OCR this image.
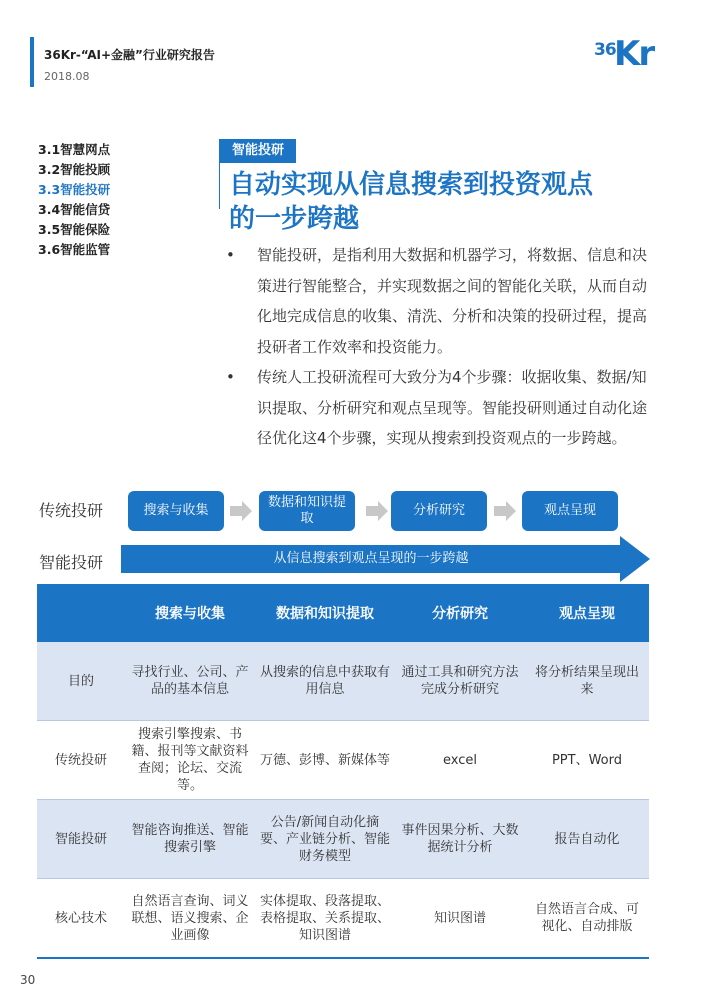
36Kr-“AI+金融”行业研究报告
2018.08
36
Kr
3.1智慧网点
3.2智能投顾
3.3智能投研
3.4智能信贷
3.5智能保险
3.6智能监管
智能投研
自动实现从信息搜索到投资观点
的一步跨越
• 智能投研，是指利用大数据和机器学习，将数据、信息和决策进行智能整合，并实现数据之间的智能化关联，从而自动化地完成信息的收集、清洗、分析和决策的投研过程，提高投研者工作效率和投资能力。
• 传统人工投研流程可大致分为4个步骤：收据收集、数据/知识提取、分析研究和观点呈现等。智能投研则通过自动化途径优化这4个步骤，实现从搜索到投资观点的一步跨越。
传统投研	搜索与收集
数据和知识提取
分析研究	观点呈现
智能投研	从信息搜索到观点呈现的一步跨越
	搜索与收集	数据和知识提取	分析研究	观点呈现
目的	寻找行业、公司、产品的基本信息	从搜索的信息中获取有用信息	通过工具和研究方法完成分析研究	将分析结果呈现出来
传统投研	搜索引擎搜索、书籍、报刊等文献资料查阅；论坛、交流等。	万德、彭博、新媒体等	excel	PPT、Word
智能投研	智能咨询推送、智能搜索引擎	公告/新闻自动化摘要、产业链分析、智能财务模型	事件因果分析、大数据统计分析	报告自动化
核心技术	自然语言查询、词义联想、语义搜索、企业画像	实体提取、段落提取、表格提取、关系提取、知识图谱	知识图谱	自然语言合成、可视化、自动排版
30
